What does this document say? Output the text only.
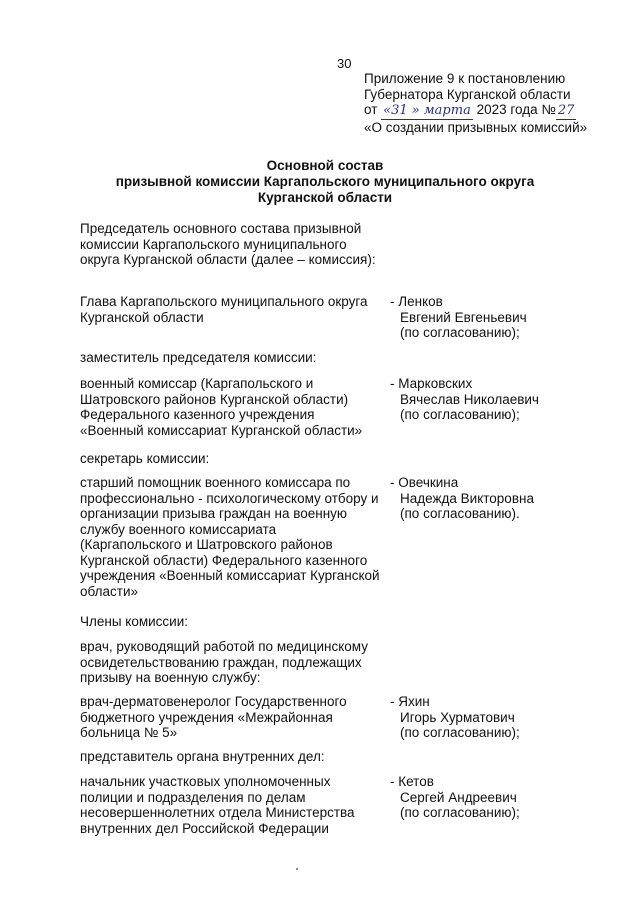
30
Приложение 9 к постановлению
Губернатора Курганской области
от «31 » марта 2023 года № 27
«О создании призывных комиссий»
Основной состав
призывной комиссии Каргапольского муниципального округа
Курганской области
Председатель основного состава призывной комиссии Каргапольского муниципального округа Курганской области (далее – комиссия):
Глава Каргапольского муниципального округа Курганской области
- Ленков
Евгений Евгеньевич
(по согласованию);
заместитель председателя комиссии:
военный комиссар (Каргапольского и Шатровского районов Курганской области) Федерального казенного учреждения «Военный комиссариат Курганской области»
- Марковских
Вячеслав Николаевич
(по согласованию);
секретарь комиссии:
старший помощник военного комиссара по профессионально - психологическому отбору и организации призыва граждан на военную службу военного комиссариата (Каргапольского и Шатровского районов Курганской области) Федерального казенного учреждения «Военный комиссариат Курганской области»
- Овечкина
Надежда Викторовна
(по согласованию).
Члены комиссии:
врач, руководящий работой по медицинскому освидетельствованию граждан, подлежащих призыву на военную службу:
врач-дерматовенеролог Государственного бюджетного учреждения «Межрайонная больница № 5»
- Яхин
Игорь Хурматович
(по согласованию);
представитель органа внутренних дел:
начальник участковых уполномоченных полиции и подразделения по делам несовершеннолетних отдела Министерства внутренних дел Российской Федерации
- Кетов
Сергей Андреевич
(по согласованию);
